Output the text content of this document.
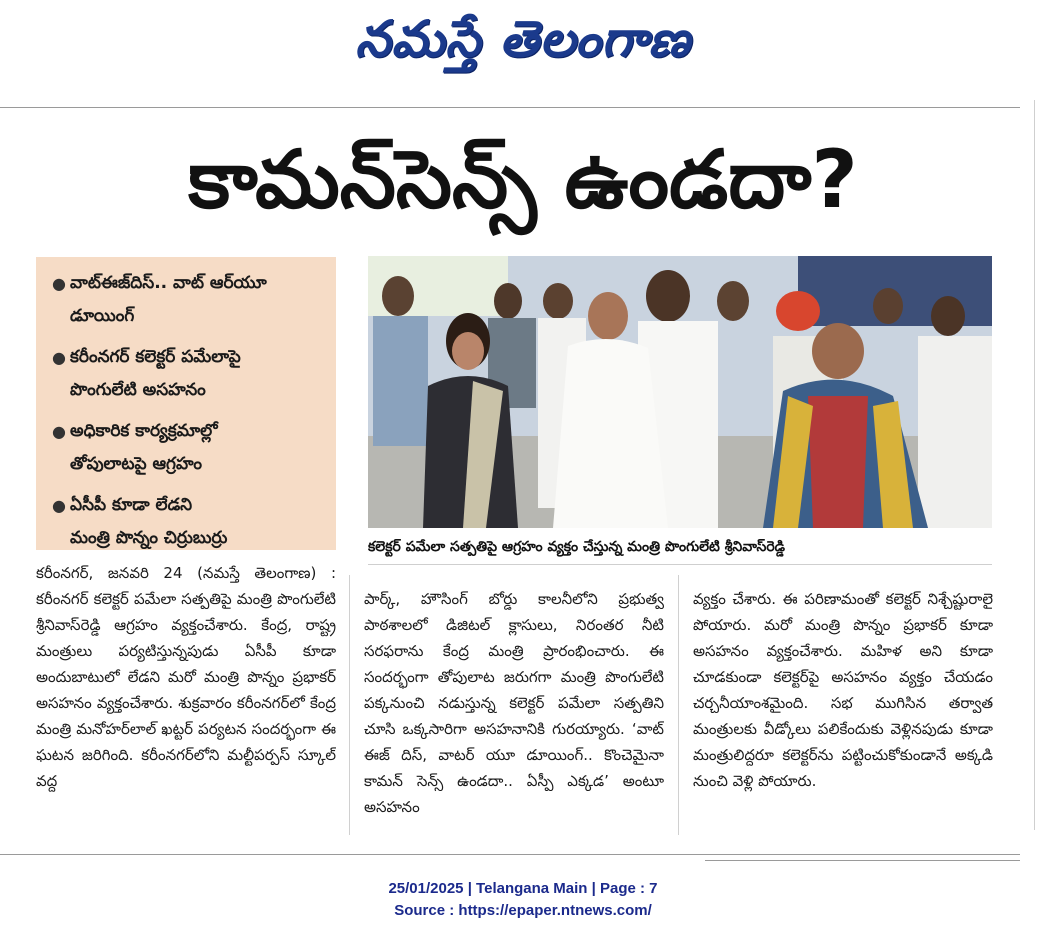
నమస్తే తెలంగాణ
కామన్‌సెన్స్‌ ఉండదా?
● వాట్‌ఈజ్‌దిస్‌.. వాట్‌ ఆర్‌యూ
డూయింగ్‌
● కరీంనగర్‌ కలెక్టర్‌ పమేలాపై
పొంగులేటి అసహనం
● అధికారిక కార్యక్రమాల్లో
తోపులాటపై ఆగ్రహం
● ఏసీపీ కూడా లేడని
మంత్రి పొన్నం చిర్రుబుర్రు	కలెక్టర్‌ పమేలా సత్పతిపై ఆగ్రహం వ్యక్తం చేస్తున్న మంత్రి పొంగులేటి శ్రీనివాస్‌రెడ్డి

కరీంనగర్‌, జనవరి 24 (నమస్తే తెలంగాణ) : కరీంనగర్‌ కలెక్టర్‌ పమేలా సత్పతిపై మంత్రి పొంగులేటి శ్రీనివాస్‌రెడ్డి ఆగ్రహం వ్యక్తంచేశారు. కేంద్ర, రాష్ట్ర మంత్రులు పర్యటిస్తున్నపుడు ఏసీపీ కూడా అందుబాటులో లేడని మరో మంత్రి పొన్నం ప్రభాకర్‌ అసహనం వ్యక్తంచేశారు. శుక్రవారం కరీంనగర్‌లో కేంద్ర మంత్రి మనోహర్‌లాల్‌ ఖట్టర్‌ పర్యటన సందర్భంగా ఈ ఘటన జరిగింది. కరీంనగర్‌లోని మల్టీపర్పస్‌ స్కూల్‌ వద్ద

పార్క్‌, హౌసింగ్‌ బోర్డు కాలనీలోని ప్రభుత్వ పాఠశాలలో డిజిటల్‌ క్లాసులు, నిరంతర నీటి సరఫరాను కేంద్ర మంత్రి ప్రారంభించారు. ఈ సందర్భంగా తోపులాట జరుగగా మంత్రి పొంగులేటి పక్కనుంచి నడుస్తున్న కలెక్టర్‌ పమేలా సత్పతిని చూసి ఒక్కసారిగా అసహనానికి గురయ్యారు. ‘వాట్‌ ఈజ్‌ దిస్‌, వాటర్‌ యూ డూయింగ్‌.. కొంచెమైనా కామన్‌ సెన్స్‌ ఉండదా.. ఏస్పీ ఎక్కడ’ అంటూ అసహనం

వ్యక్తం చేశారు. ఈ పరిణామంతో కలెక్టర్‌ నిశ్చేష్టురాలై పోయారు. మరో మంత్రి పొన్నం ప్రభాకర్‌ కూడా అసహనం వ్యక్తంచేశారు. మహిళ అని కూడా చూడకుండా కలెక్టర్‌పై అసహనం వ్యక్తం చేయడం చర్చనీయాంశమైంది. సభ ముగిసిన తర్వాత మంత్రులకు వీడ్కోలు పలికేందుకు వెళ్లినపుడు కూడా మంత్రులిద్దరూ కలెక్టర్‌ను పట్టించుకోకుండానే అక్కడి నుంచి వెళ్లి పోయారు.

25/01/2025 | Telangana Main | Page : 7
Source : https://epaper.ntnews.com/
